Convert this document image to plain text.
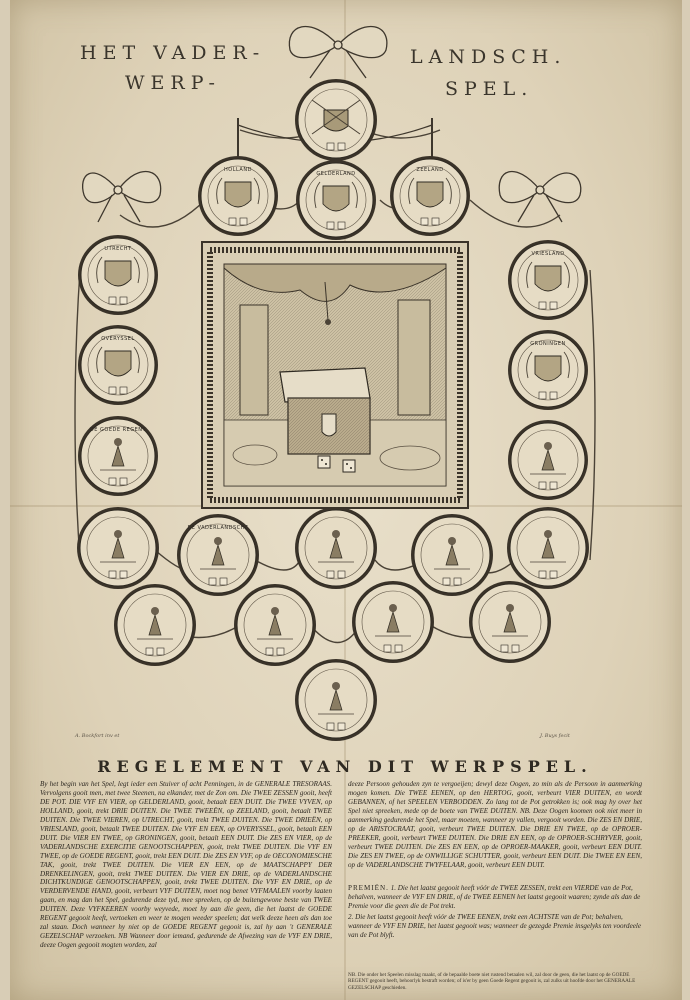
HET VADER-	LANDSCH.
WERP-	SPEL.
HOLLAND
GELDERLAND
ZEELAND
UTRECHT
VRIESLAND
OVERYSSEL
GRONINGEN
DE GOEDE REGENT
DE VADERLANDSCHE
A. Bockfort inv et	J. Buys fecit
REGELEMENT VAN DIT WERPSPEL.
By het begin van het Spel, legt ieder een Stuiver of acht Penningen, in de GENERALE TRESORAAS. Vervolgens gooit men, met twee Steenen, na elkander, met de Zon om. Die TWEE ZESSEN gooit, heeft DE POT. DIE VYF EN VIER, op GELDERLAND, gooit, betaalt EEN DUIT. Die TWEE VYVEN, op HOLLAND, gooit, trekt DRIE DUITEN. Die TWEE TWEEËN, op ZEELAND, gooit, betaalt TWEE DUITEN. Die TWEE VIEREN, op UTRECHT, gooit, trekt TWEE DUITEN. Die TWEE DRIEËN, op VRIESLAND, gooit, betaalt TWEE DUITEN. Die VYF EN EEN, op OVERYSSEL, gooit, betaalt EEN DUIT. Die VIER EN TWEE, op GRONINGEN, gooit, betaalt EEN DUIT. Die ZES EN VIER, op de VADERLANDSCHE EXERCITIE GENOOTSCHAPPEN, gooit, trekt TWEE DUITEN. Die VYF EN TWEE, op de GOEDE REGENT, gooit, trekt EEN DUIT. Die ZES EN VYF, op de OECONOMIESCHE TAK, gooit, trekt TWEE DUITEN. Die VIER EN EEN, op de MAATSCHAPPY DER DRENKELINGEN, gooit, trekt TWEE DUITEN. Die VIER EN DRIE, op de VADERLANDSCHE DICHTKUNDIGE GENOOTSCHAPPEN, gooit, trekt TWEE DUITEN. Die VYF EN DRIE, op de VERDERVENDE HAND, gooit, verbeurt VYF DUITEN, moet nog benet VYFMAALEN voorby laaten gaan, en mag dan het Spel, gedurende deze tyd, mee spreeken, op de buitengewone beste van TWEE DUITEN. Deze VYFKEEREN voorby weyvede, moet hy aan die geen, die het laatst de GOEDE REGENT gegooit heeft, vertoeken en weer te mogen weeder speelen; dat welk deeze heen als dan toe zal staan. Doch wanneer hy niet op de GOEDE REGENT gegooit is, zal hy aan 't GENERALE GEZELSCHAP verzoeken. NB Wanneer door iemand, gedurende de Afwezing van de VYF EN DRIE, deeze Oogen gegooit mogten worden, zal
deeze Persoon gehouden zyn te vergoeijen; dewyl deze Oogen, zo min als de Persoon in aanmerking mogen komen. Die TWEE EENEN, op den HERTOG, gooit, verbeurt VIER DUITEN, en wordt GEBANNEN, of het SPEELEN VERBODDEN. Zo lang tot de Pot getrokken is; ook mag hy over het Spel niet spreeken, mede op de boete van TWEE DUITEN. NB. Deze Oogen koomen ook niet meer in aanmerking gedurende het Spel, maar moeten, wanneer zy vallen, vergooit worden. Die ZES EN DRIE, op de ARISTOCRAAT, gooit, verbeurt TWEE DUITEN. Die DRIE EN TWEE, op de OPROER-PREEKER, gooit, verbeurt TWEE DUITEN. Die DRIE EN EEN, op de OPROER-SCHRYVER, gooit, verbeurt TWEE DUITEN. Die ZES EN EEN, op de OPROER-MAAKER, gooit, verbeurt EEN DUIT. Die ZES EN TWEE, op de ONWILLIGE SCHUTTER, gooit, verbeurt EEN DUIT. Die TWEE EN EEN, op de VADERLANDSCHE TWYFELAAR, gooit, verbeurt EEN DUIT.
PREMIËN. 1. Die het laatst gegooit heeft vóór de TWEE ZESSEN, trekt een VIERDE van de Pot, behalven, wanneer de VYF EN DRIE, of de TWEE EENEN het laatst gegooit waaren; zynde als dan de Premie voor die geen die de Pot trekt.
2. Die het laatst gegooit heeft vóór de TWEE EENEN, trekt een ACHTSTE van de Pot; behalven, wanneer de VYF EN DRIE, het laatst gegooit was; wanneer de gezegde Premie insgelyks ten voordeele van de Pot blyft.
NB. Die onder het Speelen misslag maakt, of de bepaalde boete niet rustend betaalen wil, zal door de geen, die het laatst op de GOEDE REGENT gegooit heeft, behoorlyk bestraft worden; of is'er by geen Goede Regent gegooit is, zal zulks uit hoofde door het GENERAALE GEZELSCHAP geschieden.
